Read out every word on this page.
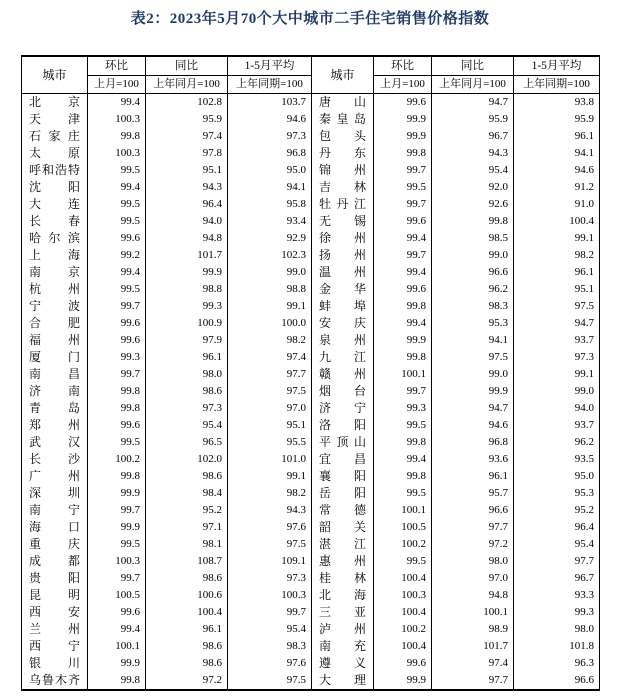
表2：2023年5月70个大中城市二手住宅销售价格指数
城市	环比	同比	1-5月平均	城市	环比	同比	1-5月平均
	上月=100	上年同月=100	上年同期=100		上月=100	上年同月=100	上年同期=100
北京	99.4	102.8	103.7	唐山	99.6	94.7	93.8
天津	100.3	95.9	94.6	秦皇岛	99.9	95.9	95.9
石家庄	99.8	97.4	97.3	包头	99.9	96.7	96.1
太原	100.3	97.8	96.8	丹东	99.8	94.3	94.1
呼和浩特	99.5	95.1	95.0	锦州	99.7	95.4	94.6
沈阳	99.4	94.3	94.1	吉林	99.5	92.0	91.2
大连	99.5	96.4	95.8	牡丹江	99.7	92.6	91.0
长春	99.5	94.0	93.4	无锡	99.6	99.8	100.4
哈尔滨	99.6	94.8	92.9	徐州	99.4	98.5	99.1
上海	99.2	101.7	102.3	扬州	99.7	99.0	98.2
南京	99.4	99.9	99.0	温州	99.4	96.6	96.1
杭州	99.5	98.8	98.8	金华	99.6	96.2	95.1
宁波	99.7	99.3	99.1	蚌埠	99.8	98.3	97.5
合肥	99.6	100.9	100.0	安庆	99.4	95.3	94.7
福州	99.6	97.9	98.2	泉州	99.9	94.1	93.7
厦门	99.3	96.1	97.4	九江	99.8	97.5	97.3
南昌	99.7	98.0	97.7	赣州	100.1	99.0	99.1
济南	99.8	98.6	97.5	烟台	99.7	99.9	99.0
青岛	99.8	97.3	97.0	济宁	99.3	94.7	94.0
郑州	99.6	95.4	95.1	洛阳	99.5	94.6	93.7
武汉	99.5	96.5	95.5	平顶山	99.8	96.8	96.2
长沙	100.2	102.0	101.0	宜昌	99.4	93.6	93.5
广州	99.8	98.6	99.1	襄阳	99.8	96.1	95.0
深圳	99.9	98.4	98.2	岳阳	99.5	95.7	95.3
南宁	99.7	95.2	94.3	常德	100.1	96.6	95.2
海口	99.9	97.1	97.6	韶关	100.5	97.7	96.4
重庆	99.5	98.1	97.5	湛江	100.2	97.2	95.4
成都	100.3	108.7	109.1	惠州	99.5	98.0	97.7
贵阳	99.7	98.6	97.3	桂林	100.4	97.0	96.7
昆明	100.5	100.6	100.3	北海	100.3	94.8	93.3
西安	99.6	100.4	99.7	三亚	100.4	100.1	99.3
兰州	99.4	96.1	95.4	泸州	100.2	98.9	98.0
西宁	100.1	98.6	98.3	南充	100.4	101.7	101.8
银川	99.9	98.6	97.6	遵义	99.6	97.4	96.3
乌鲁木齐	99.8	97.2	97.5	大理	99.9	97.7	96.6
